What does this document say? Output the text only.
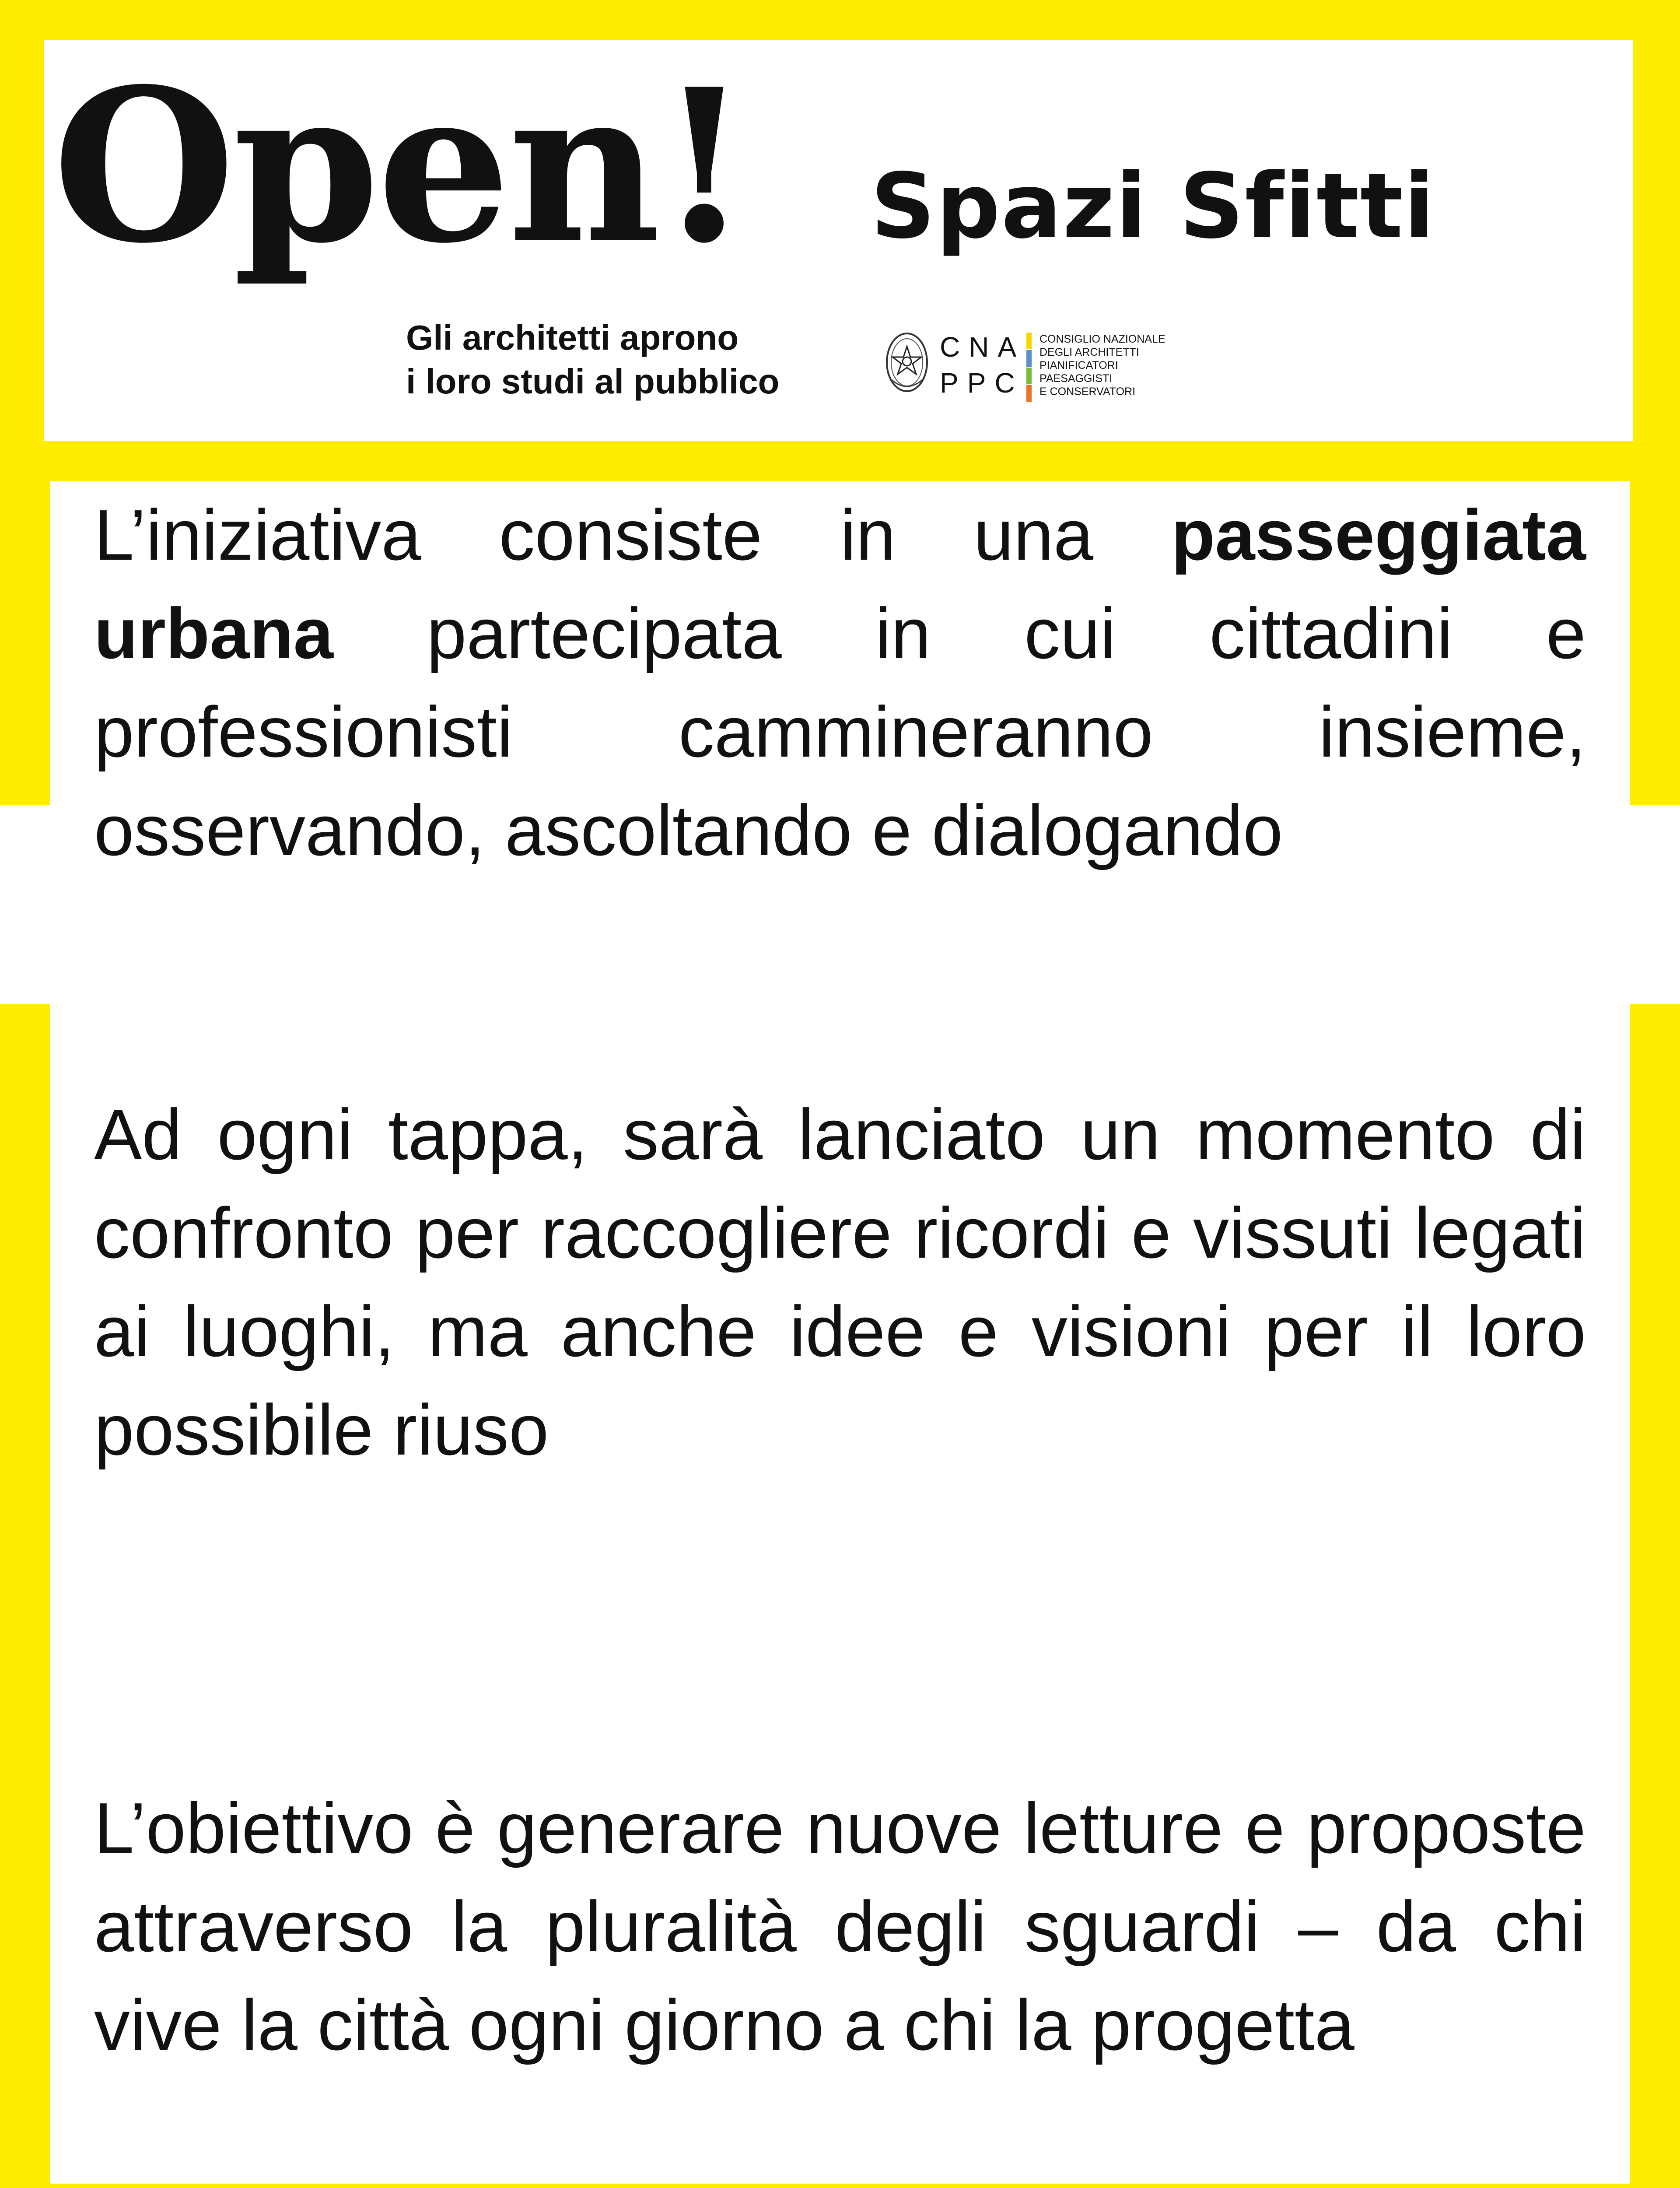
Open! Spazi Sfitti
Gli architetti aprono
i loro studi al pubblico
CNA
PPC
CONSIGLIO NAZIONALE
DEGLI ARCHITETTI
PIANIFICATORI
PAESAGGISTI
E CONSERVATORI
L’iniziativa consiste in una passeggiata urbana partecipata in cui cittadini e professionisti cammineranno insieme, osservando, ascoltando e dialogando
Ad ogni tappa, sarà lanciato un momento di confronto per raccogliere ricordi e vissuti legati ai luoghi, ma anche idee e visioni per il loro possibile riuso
L’obiettivo è generare nuove letture e proposte attraverso la pluralità degli sguardi – da chi vive la città ogni giorno a chi la progetta
